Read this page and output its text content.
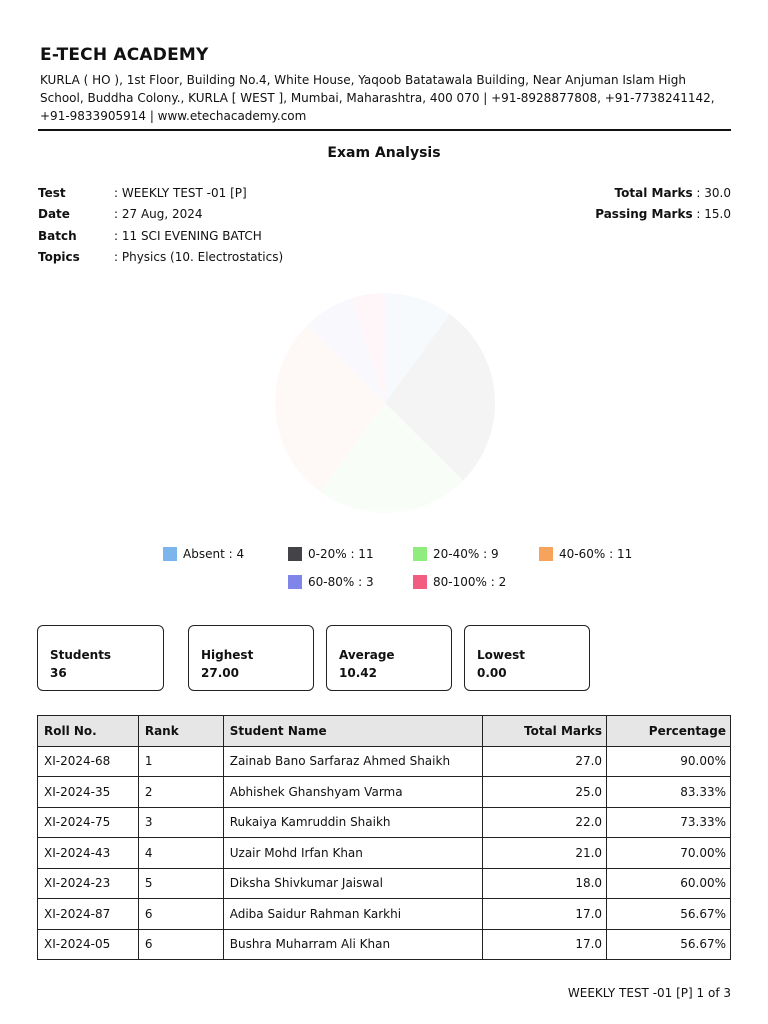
E-TECH ACADEMY
KURLA ( HO ), 1st Floor, Building No.4, White House, Yaqoob Batatawala Building, Near Anjuman Islam High School, Buddha Colony., KURLA [ WEST ], Mumbai, Maharashtra, 400 070 | +91-8928877808, +91-7738241142, +91-9833905914 | www.etechacademy.com
Exam Analysis
Test	: WEEKLY TEST -01 [P]
Date	: 27 Aug, 2024
Batch	: 11 SCI EVENING BATCH
Topics	: Physics (10. Electrostatics)
Total Marks
: 30.0
Passing Marks
: 15.0
Absent : 4	0-20% : 11	20-40% : 9	40-60% : 11
60-80% : 3	80-100% : 2
Students
36
Highest
27.00
Average
10.42
Lowest
0.00
Roll No.	Rank	Student Name	Total Marks	Percentage
XI-2024-68	1	Zainab Bano Sarfaraz Ahmed Shaikh	27.0	90.00%
XI-2024-35	2	Abhishek Ghanshyam Varma	25.0	83.33%
XI-2024-75	3	Rukaiya Kamruddin Shaikh	22.0	73.33%
XI-2024-43	4	Uzair Mohd Irfan Khan	21.0	70.00%
XI-2024-23	5	Diksha Shivkumar Jaiswal	18.0	60.00%
XI-2024-87	6	Adiba Saidur Rahman Karkhi	17.0	56.67%
XI-2024-05	6	Bushra Muharram Ali Khan	17.0	56.67%
WEEKLY TEST -01 [P] 1 of 3
